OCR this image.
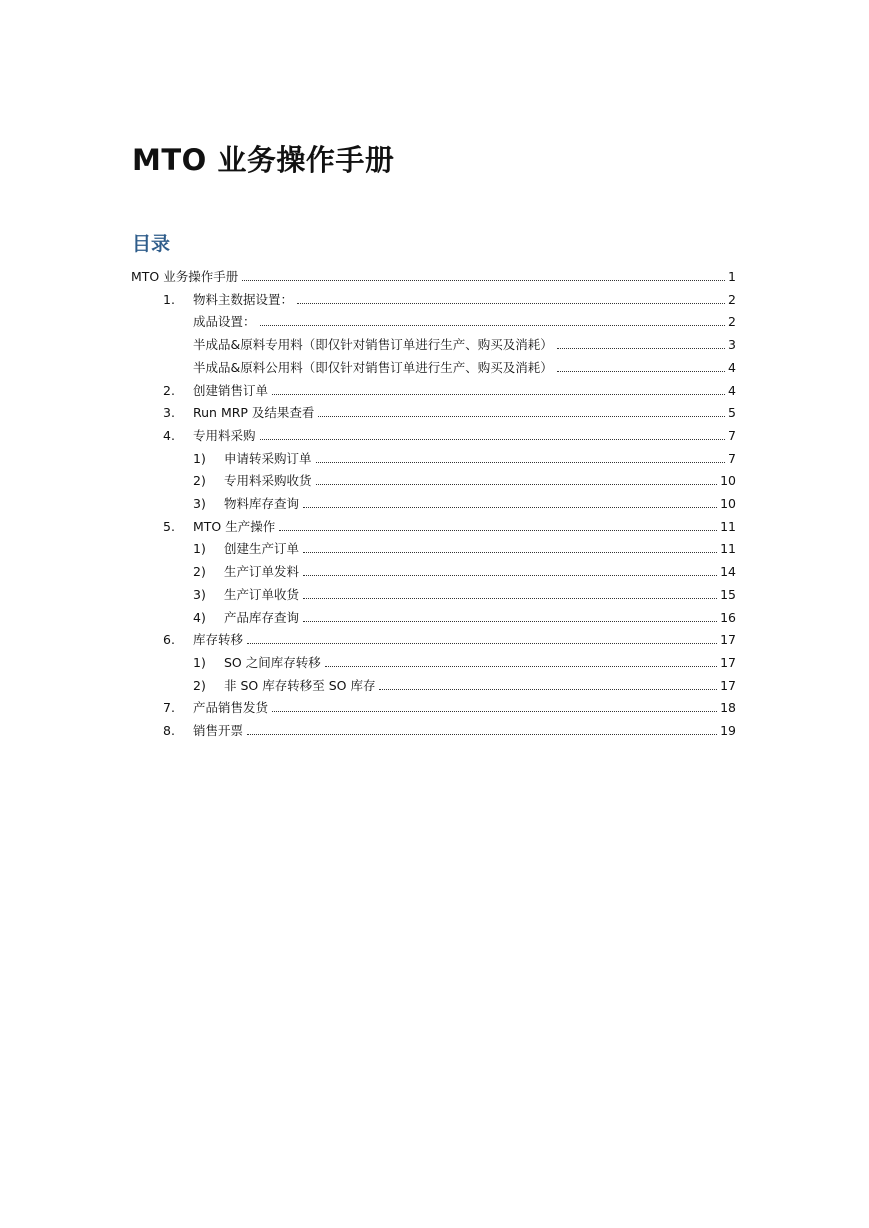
MTO 业务操作手册
目录
MTO 业务操作手册	1
1. 物料主数据设置：	2
成品设置：	2
半成品&原料专用料（即仅针对销售订单进行生产、购买及消耗）	3
半成品&原料公用料（即仅针对销售订单进行生产、购买及消耗）	4
2. 创建销售订单	4
3. Run MRP 及结果查看	5
4. 专用料采购	7
1) 申请转采购订单	7
2) 专用料采购收货	10
3) 物料库存查询	10
5. MTO 生产操作	11
1) 创建生产订单	11
2) 生产订单发料	14
3) 生产订单收货	15
4) 产品库存查询	16
6. 库存转移	17
1) SO 之间库存转移	17
2) 非 SO 库存转移至 SO 库存	17
7. 产品销售发货	18
8. 销售开票	19
